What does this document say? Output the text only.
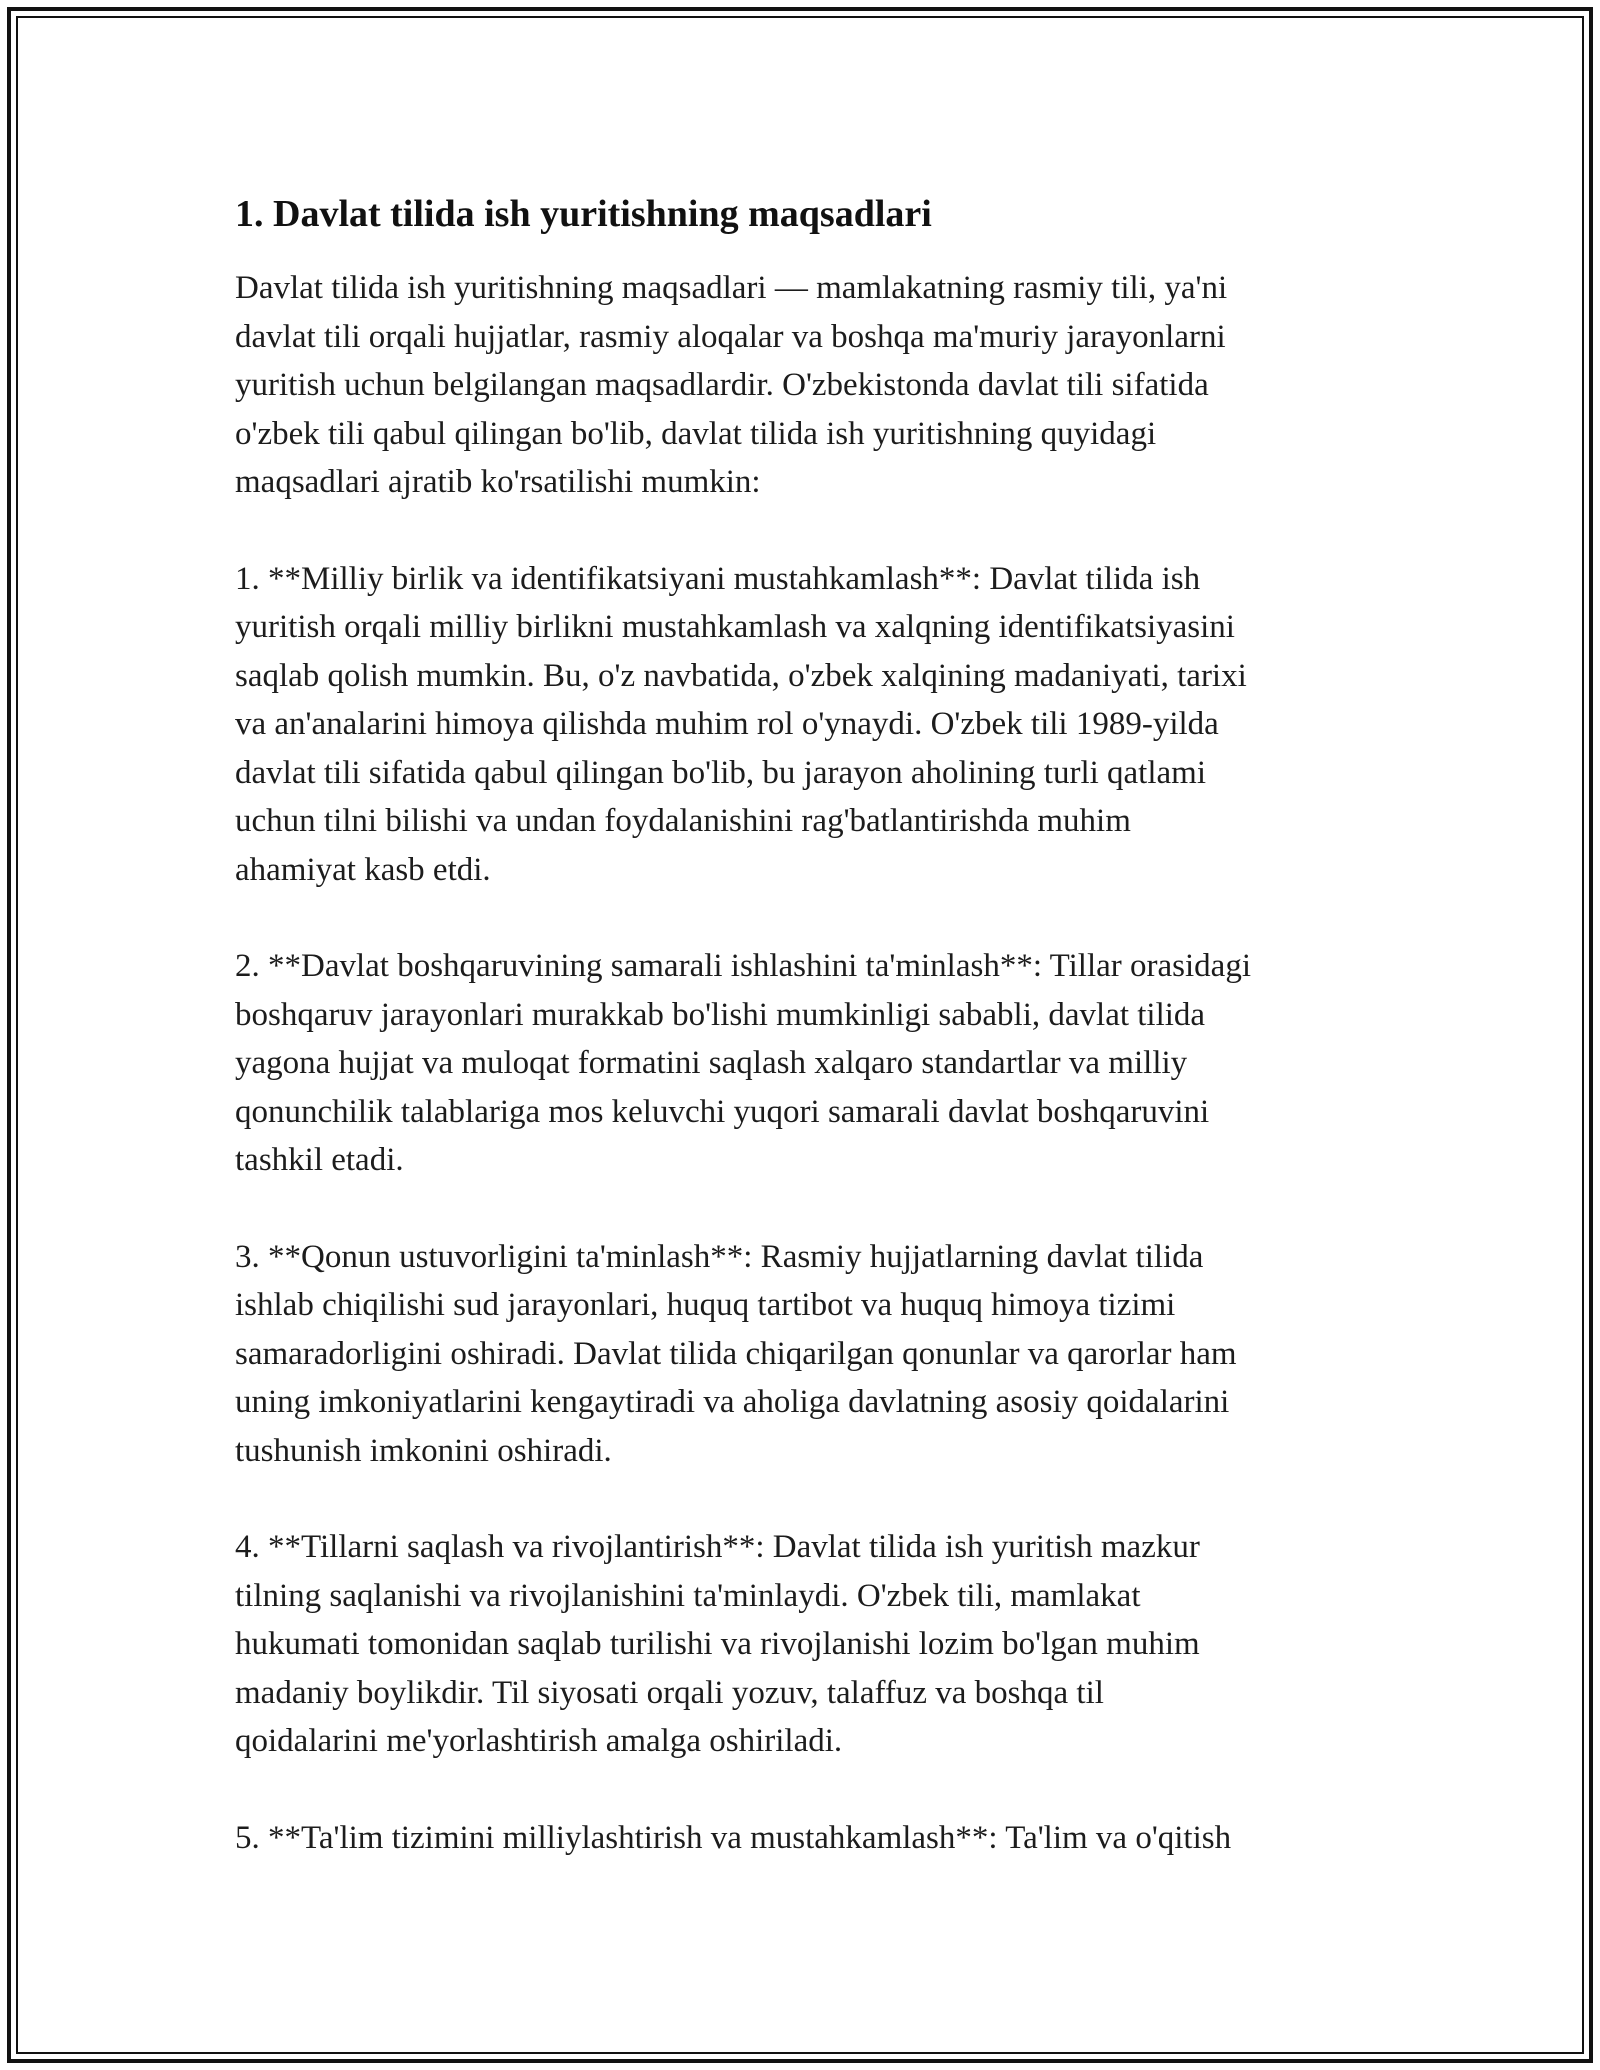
1. Davlat tilida ish yuritishning maqsadlari

Davlat tilida ish yuritishning maqsadlari — mamlakatning rasmiy tili, ya'ni
davlat tili orqali hujjatlar, rasmiy aloqalar va boshqa ma'muriy jarayonlarni
yuritish uchun belgilangan maqsadlardir. O'zbekistonda davlat tili sifatida
o'zbek tili qabul qilingan bo'lib, davlat tilida ish yuritishning quyidagi
maqsadlari ajratib ko'rsatilishi mumkin:

1. **Milliy birlik va identifikatsiyani mustahkamlash**: Davlat tilida ish
yuritish orqali milliy birlikni mustahkamlash va xalqning identifikatsiyasini
saqlab qolish mumkin. Bu, o'z navbatida, o'zbek xalqining madaniyati, tarixi
va an'analarini himoya qilishda muhim rol o'ynaydi. O'zbek tili 1989-yilda
davlat tili sifatida qabul qilingan bo'lib, bu jarayon aholining turli qatlami
uchun tilni bilishi va undan foydalanishini rag'batlantirishda muhim
ahamiyat kasb etdi.

2. **Davlat boshqaruvining samarali ishlashini ta'minlash**: Tillar orasidagi
boshqaruv jarayonlari murakkab bo'lishi mumkinligi sababli, davlat tilida
yagona hujjat va muloqat formatini saqlash xalqaro standartlar va milliy
qonunchilik talablariga mos keluvchi yuqori samarali davlat boshqaruvini
tashkil etadi.

3. **Qonun ustuvorligini ta'minlash**: Rasmiy hujjatlarning davlat tilida
ishlab chiqilishi sud jarayonlari, huquq tartibot va huquq himoya tizimi
samaradorligini oshiradi. Davlat tilida chiqarilgan qonunlar va qarorlar ham
uning imkoniyatlarini kengaytiradi va aholiga davlatning asosiy qoidalarini
tushunish imkonini oshiradi.

4. **Tillarni saqlash va rivojlantirish**: Davlat tilida ish yuritish mazkur
tilning saqlanishi va rivojlanishini ta'minlaydi. O'zbek tili, mamlakat
hukumati tomonidan saqlab turilishi va rivojlanishi lozim bo'lgan muhim
madaniy boylikdir. Til siyosati orqali yozuv, talaffuz va boshqa til
qoidalarini me'yorlashtirish amalga oshiriladi.

5. **Ta'lim tizimini milliylashtirish va mustahkamlash**: Ta'lim va o'qitish
